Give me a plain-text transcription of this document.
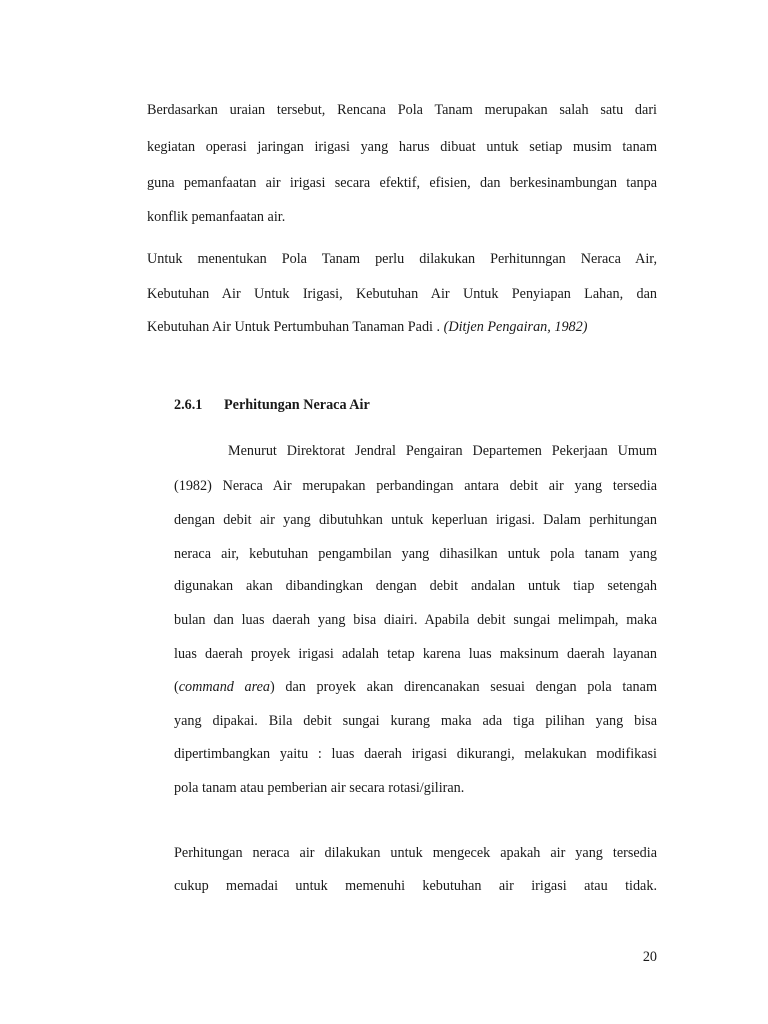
Berdasarkan uraian tersebut, Rencana Pola Tanam merupakan salah satu dari
kegiatan operasi jaringan irigasi yang harus dibuat untuk setiap musim tanam
guna pemanfaatan air irigasi secara efektif, efisien, dan berkesinambungan tanpa
konflik pemanfaatan air.
Untuk menentukan Pola Tanam perlu dilakukan Perhitunngan Neraca Air,
Kebutuhan Air Untuk Irigasi, Kebutuhan Air Untuk Penyiapan Lahan, dan
Kebutuhan Air Untuk Pertumbuhan Tanaman Padi . (Ditjen Pengairan, 1982)
2.6.1 Perhitungan Neraca Air
Menurut Direktorat Jendral Pengairan Departemen Pekerjaan Umum
(1982) Neraca Air merupakan perbandingan antara debit air yang tersedia
dengan debit air yang dibutuhkan untuk keperluan irigasi. Dalam perhitungan
neraca air, kebutuhan pengambilan yang dihasilkan untuk pola tanam yang
digunakan akan dibandingkan dengan debit andalan untuk tiap setengah
bulan dan luas daerah yang bisa diairi. Apabila debit sungai melimpah, maka
luas daerah proyek irigasi adalah tetap karena luas maksinum daerah layanan
(command area) dan proyek akan direncanakan sesuai dengan pola tanam
yang dipakai. Bila debit sungai kurang maka ada tiga pilihan yang bisa
dipertimbangkan yaitu : luas daerah irigasi dikurangi, melakukan modifikasi
pola tanam atau pemberian air secara rotasi/giliran.
Perhitungan neraca air dilakukan untuk mengecek apakah air yang tersedia
cukup memadai untuk memenuhi kebutuhan air irigasi atau tidak.
20
